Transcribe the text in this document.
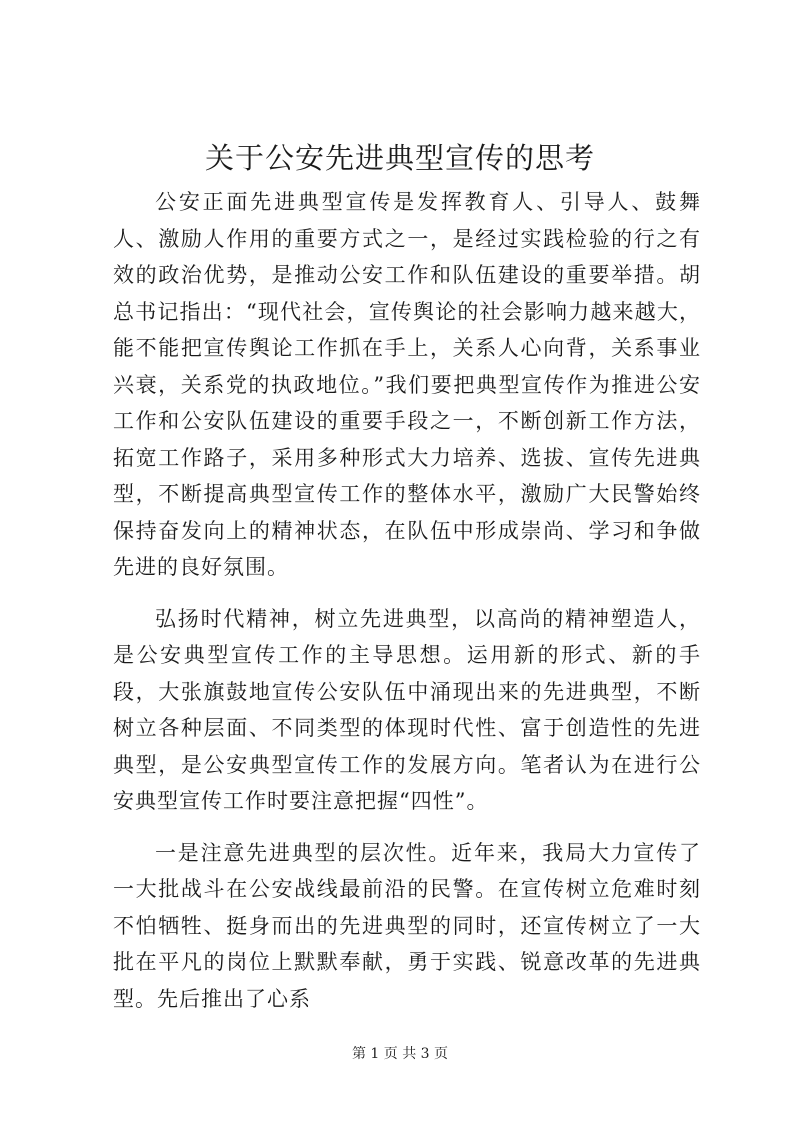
关于公安先进典型宣传的思考

公安正面先进典型宣传是发挥教育人、引导人、鼓舞人、激励人作用的重要方式之一，是经过实践检验的行之有效的政治优势，是推动公安工作和队伍建设的重要举措。胡总书记指出：“现代社会，宣传舆论的社会影响力越来越大，能不能把宣传舆论工作抓在手上，关系人心向背，关系事业兴衰，关系党的执政地位。”我们要把典型宣传作为推进公安工作和公安队伍建设的重要手段之一，不断创新工作方法，拓宽工作路子，采用多种形式大力培养、选拔、宣传先进典型，不断提高典型宣传工作的整体水平，激励广大民警始终保持奋发向上的精神状态，在队伍中形成崇尚、学习和争做先进的良好氛围。

弘扬时代精神，树立先进典型，以高尚的精神塑造人，是公安典型宣传工作的主导思想。运用新的形式、新的手段，大张旗鼓地宣传公安队伍中涌现出来的先进典型，不断树立各种层面、不同类型的体现时代性、富于创造性的先进典型，是公安典型宣传工作的发展方向。笔者认为在进行公安典型宣传工作时要注意把握“四性”。

一是注意先进典型的层次性。近年来，我局大力宣传了一大批战斗在公安战线最前沿的民警。在宣传树立危难时刻不怕牺牲、挺身而出的先进典型的同时，还宣传树立了一大批在平凡的岗位上默默奉献，勇于实践、锐意改革的先进典型。先后推出了心系

第 1 页 共 3 页
